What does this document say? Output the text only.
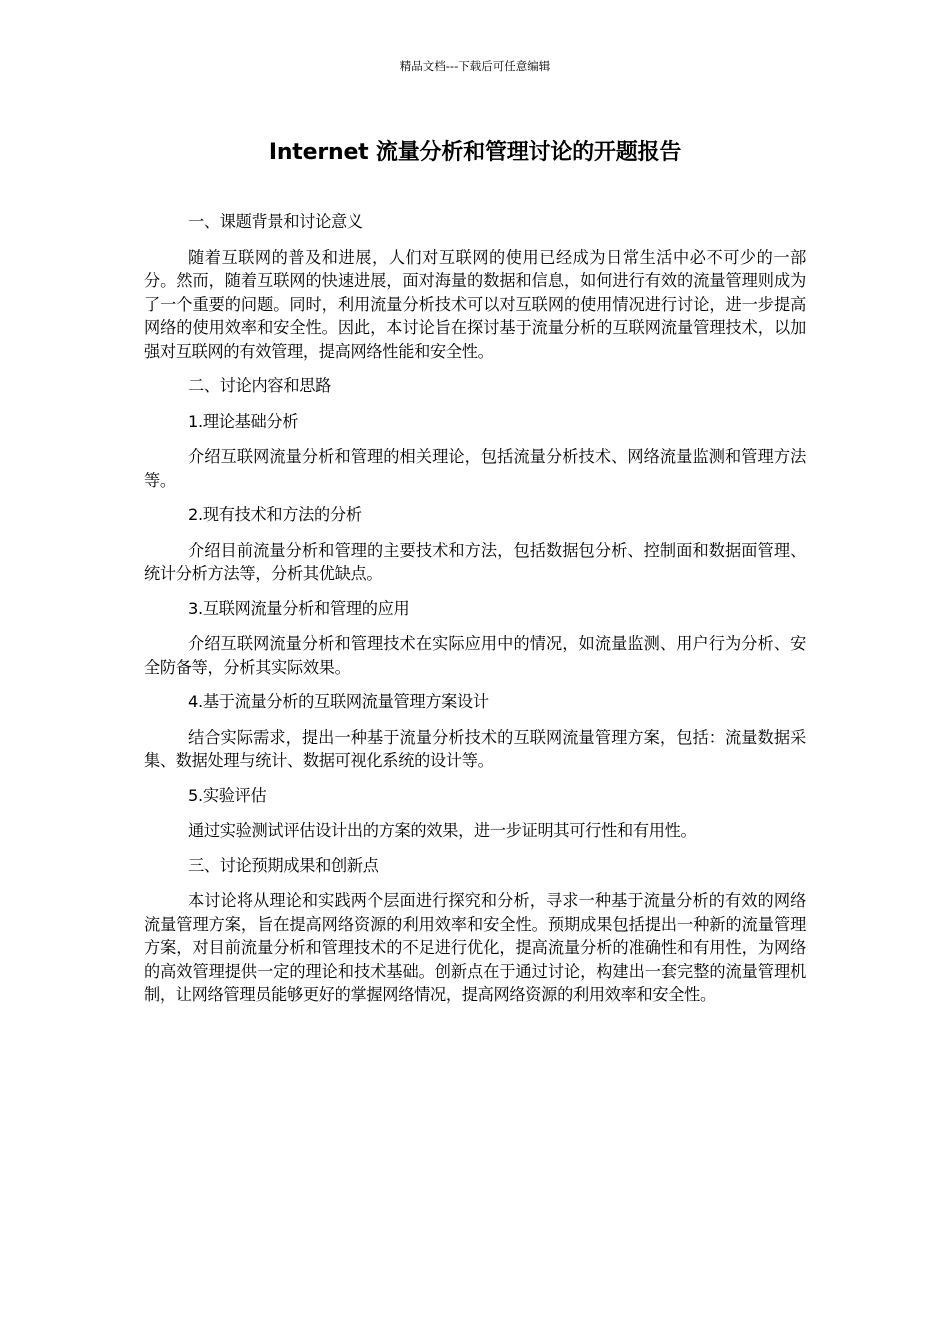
精品文档---下载后可任意编辑
Internet 流量分析和管理讨论的开题报告

一、课题背景和讨论意义

随着互联网的普及和进展，人们对互联网的使用已经成为日常生活中必不可少的一部分。然而，随着互联网的快速进展，面对海量的数据和信息，如何进行有效的流量管理则成为了一个重要的问题。同时，利用流量分析技术可以对互联网的使用情况进行讨论，进一步提高网络的使用效率和安全性。因此，本讨论旨在探讨基于流量分析的互联网流量管理技术，以加强对互联网的有效管理，提高网络性能和安全性。

二、讨论内容和思路

1.理论基础分析

介绍互联网流量分析和管理的相关理论，包括流量分析技术、网络流量监测和管理方法等。

2.现有技术和方法的分析

介绍目前流量分析和管理的主要技术和方法，包括数据包分析、控制面和数据面管理、统计分析方法等，分析其优缺点。

3.互联网流量分析和管理的应用

介绍互联网流量分析和管理技术在实际应用中的情况，如流量监测、用户行为分析、安全防备等，分析其实际效果。

4.基于流量分析的互联网流量管理方案设计

结合实际需求，提出一种基于流量分析技术的互联网流量管理方案，包括：流量数据采集、数据处理与统计、数据可视化系统的设计等。

5.实验评估

通过实验测试评估设计出的方案的效果，进一步证明其可行性和有用性。

三、讨论预期成果和创新点

本讨论将从理论和实践两个层面进行探究和分析，寻求一种基于流量分析的有效的网络流量管理方案，旨在提高网络资源的利用效率和安全性。预期成果包括提出一种新的流量管理方案，对目前流量分析和管理技术的不足进行优化，提高流量分析的准确性和有用性，为网络的高效管理提供一定的理论和技术基础。创新点在于通过讨论，构建出一套完整的流量管理机制，让网络管理员能够更好的掌握网络情况，提高网络资源的利用效率和安全性。
